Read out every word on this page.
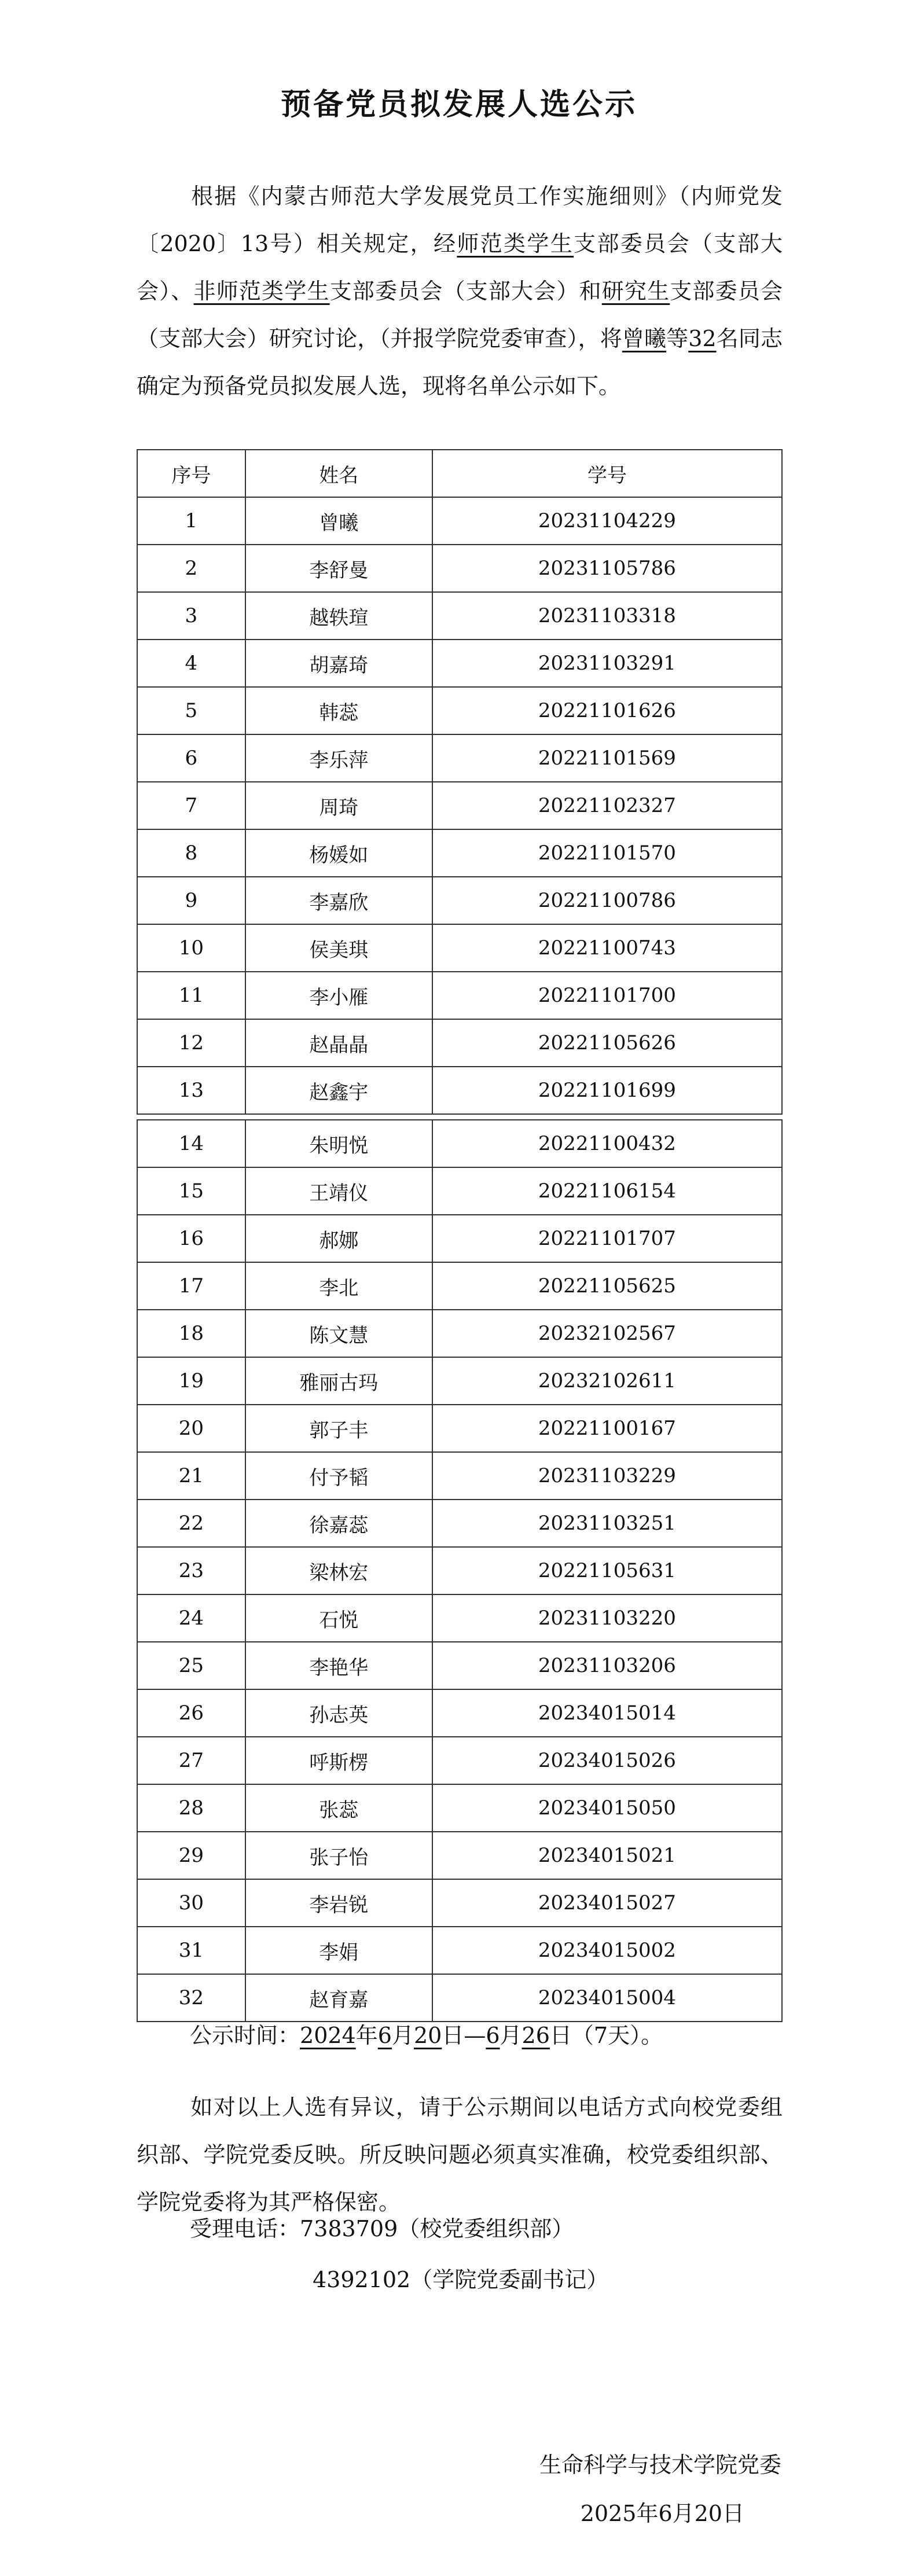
预备党员拟发展人选公示
根据《内蒙古师范大学发展党员工作实施细则》（内师党发〔2020〕13号）相关规定，经师范类学生支部委员会（支部大会）、非师范类学生支部委员会（支部大会）和研究生支部委员会（支部大会）研究讨论，（并报学院党委审查），将曾曦等32名同志确定为预备党员拟发展人选，现将名单公示如下。
序号	姓名	学号
1	曾曦	20231104229
2	李舒曼	20231105786
3	越轶瑄	20231103318
4	胡嘉琦	20231103291
5	韩蕊	20221101626
6	李乐萍	20221101569
7	周琦	20221102327
8	杨媛如	20221101570
9	李嘉欣	20221100786
10	侯美琪	20221100743
11	李小雁	20221101700
12	赵晶晶	20221105626
13	赵鑫宇	20221101699
14	朱明悦	20221100432
15	王靖仪	20221106154
16	郝娜	20221101707
17	李北	20221105625
18	陈文慧	20232102567
19	雅丽古玛	20232102611
20	郭子丰	20221100167
21	付予韬	20231103229
22	徐嘉蕊	20231103251
23	梁林宏	20221105631
24	石悦	20231103220
25	李艳华	20231103206
26	孙志英	20234015014
27	呼斯楞	20234015026
28	张蕊	20234015050
29	张子怡	20234015021
30	李岩锐	20234015027
31	李娟	20234015002
32	赵育嘉	20234015004
公示时间：2024年6月20日—6月26日（7天）。
如对以上人选有异议，请于公示期间以电话方式向校党委组织部、学院党委反映。所反映问题必须真实准确，校党委组织部、学院党委将为其严格保密。
受理电话：7383709（校党委组织部）
4392102（学院党委副书记）
生命科学与技术学院党委
2025年6月20日
